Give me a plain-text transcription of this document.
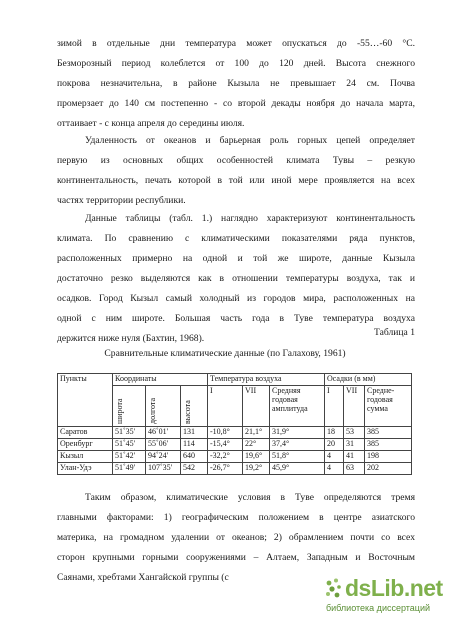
зимой в отдельные дни температура может опускаться до -55…-60 °С.
Безморозный период колеблется от 100 до 120 дней. Высота снежного
покрова незначительна, в районе Кызыла не превышает 24 см. Почва
промерзает до 140 см постепенно - со второй декады ноября до начала марта,
оттаивает - с конца апреля до середины июля.
Удаленность от океанов и барьерная роль горных цепей определяет
первую из основных общих особенностей климата Тувы – резкую
континентальность, печать которой в той или иной мере проявляется на всех
частях территории республики.
Данные таблицы (табл. 1.) наглядно характеризуют континентальность
климата. По сравнению с климатическими показателями ряда пунктов,
расположенных примерно на одной и той же широте, данные Кызыла
достаточно резко выделяются как в отношении температуры воздуха, так и
осадков. Город Кызыл самый холодный из городов мира, расположенных на
одной с ним широте. Большая часть года в Туве температура воздуха
держится ниже нуля (Бахтин, 1968).
Таблица 1
Сравнительные климатические данные (по Галахову, 1961)
Пункты	Координаты			Температура воздуха			Осадки (в мм)		

	широта	долгота	высота	I	VII	Средняя годовая амплитуда	I	VII	Средне-годовая сумма
Саратов	51˚35'	46˚01'	131	-10,8°	21,1°	31,9°	18	53	385
Оренбург	51˚45'	55˚06'	114	-15,4°	22°	37,4°	20	31	385
Кызыл	51˚42'	94˚24'	640	-32,2°	19,6°	51,8°	4	41	198
Улан-Удэ	51˚49'	107˚35'	542	-26,7°	19,2°	45,9°	4	63	202
Таким образом, климатические условия в Туве определяются тремя
главными факторами: 1) географическим положением в центре азиатского
материка, на громадном удалении от океанов; 2) обрамлением почти со всех
сторон крупными горными сооружениями – Алтаем, Западным и Восточным
Саянами, хребтами Хангайской группы (с	dsLib.net
библиотека диссертаций
